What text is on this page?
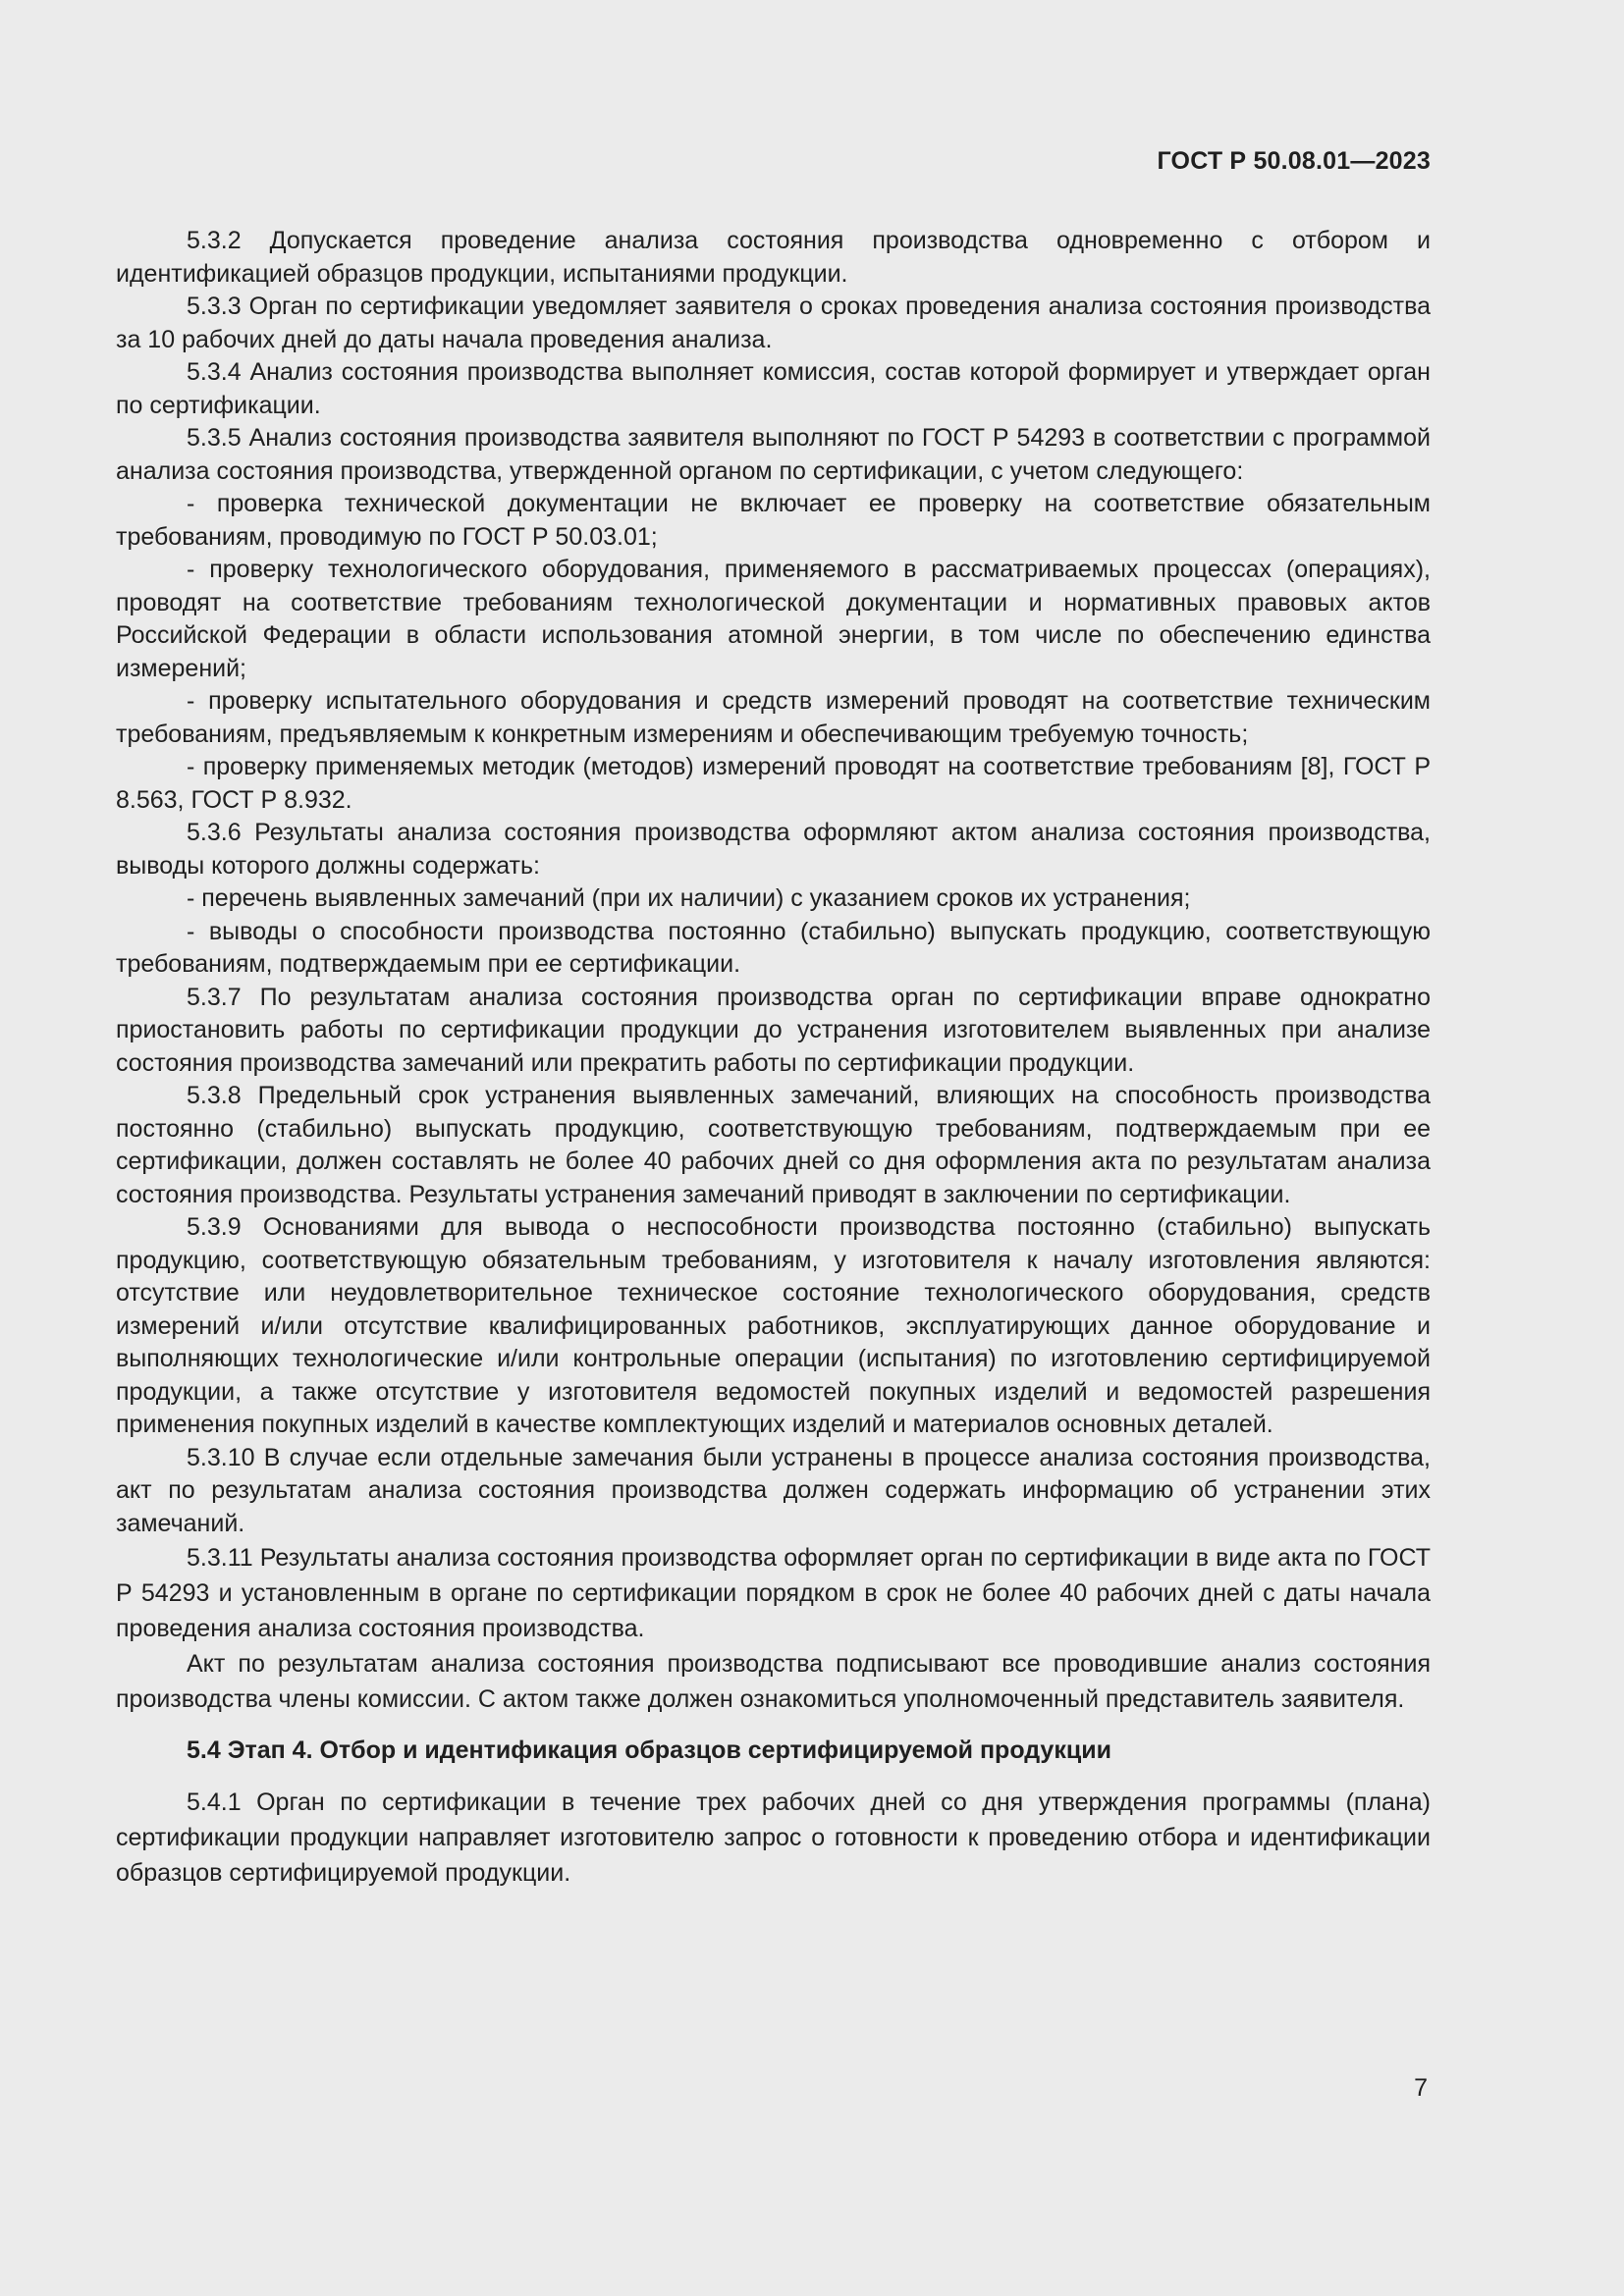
ГОСТ Р 50.08.01—2023

5.3.2 Допускается проведение анализа состояния производства одновременно с отбором и идентификацией образцов продукции, испытаниями продукции.

5.3.3 Орган по сертификации уведомляет заявителя о сроках проведения анализа состояния производства за 10 рабочих дней до даты начала проведения анализа.

5.3.4 Анализ состояния производства выполняет комиссия, состав которой формирует и утверждает орган по сертификации.

5.3.5 Анализ состояния производства заявителя выполняют по ГОСТ Р 54293 в соответствии с программой анализа состояния производства, утвержденной органом по сертификации, с учетом следующего:

- проверка технической документации не включает ее проверку на соответствие обязательным требованиям, проводимую по ГОСТ Р 50.03.01;

- проверку технологического оборудования, применяемого в рассматриваемых процессах (операциях), проводят на соответствие требованиям технологической документации и нормативных правовых актов Российской Федерации в области использования атомной энергии, в том числе по обеспечению единства измерений;

- проверку испытательного оборудования и средств измерений проводят на соответствие техническим требованиям, предъявляемым к конкретным измерениям и обеспечивающим требуемую точность;

- проверку применяемых методик (методов) измерений проводят на соответствие требованиям [8], ГОСТ Р 8.563, ГОСТ Р 8.932.

5.3.6 Результаты анализа состояния производства оформляют актом анализа состояния производства, выводы которого должны содержать:

- перечень выявленных замечаний (при их наличии) с указанием сроков их устранения;

- выводы о способности производства постоянно (стабильно) выпускать продукцию, соответствующую требованиям, подтверждаемым при ее сертификации.

5.3.7 По результатам анализа состояния производства орган по сертификации вправе однократно приостановить работы по сертификации продукции до устранения изготовителем выявленных при анализе состояния производства замечаний или прекратить работы по сертификации продукции.

5.3.8 Предельный срок устранения выявленных замечаний, влияющих на способность производства постоянно (стабильно) выпускать продукцию, соответствующую требованиям, подтверждаемым при ее сертификации, должен составлять не более 40 рабочих дней со дня оформления акта по результатам анализа состояния производства. Результаты устранения замечаний приводят в заключении по сертификации.

5.3.9 Основаниями для вывода о неспособности производства постоянно (стабильно) выпускать продукцию, соответствующую обязательным требованиям, у изготовителя к началу изготовления являются: отсутствие или неудовлетворительное техническое состояние технологического оборудования, средств измерений и/или отсутствие квалифицированных работников, эксплуатирующих данное оборудование и выполняющих технологические и/или контрольные операции (испытания) по изготовлению сертифицируемой продукции, а также отсутствие у изготовителя ведомостей покупных изделий и ведомостей разрешения применения покупных изделий в качестве комплектующих изделий и материалов основных деталей.

5.3.10 В случае если отдельные замечания были устранены в процессе анализа состояния производства, акт по результатам анализа состояния производства должен содержать информацию об устранении этих замечаний.

5.3.11 Результаты анализа состояния производства оформляет орган по сертификации в виде акта по ГОСТ Р 54293 и установленным в органе по сертификации порядком в срок не более 40 рабочих дней с даты начала проведения анализа состояния производства.

Акт по результатам анализа состояния производства подписывают все проводившие анализ состояния производства члены комиссии. С актом также должен ознакомиться уполномоченный представитель заявителя.

5.4 Этап 4. Отбор и идентификация образцов сертифицируемой продукции

5.4.1 Орган по сертификации в течение трех рабочих дней со дня утверждения программы (плана) сертификации продукции направляет изготовителю запрос о готовности к проведению отбора и идентификации образцов сертифицируемой продукции.

7
